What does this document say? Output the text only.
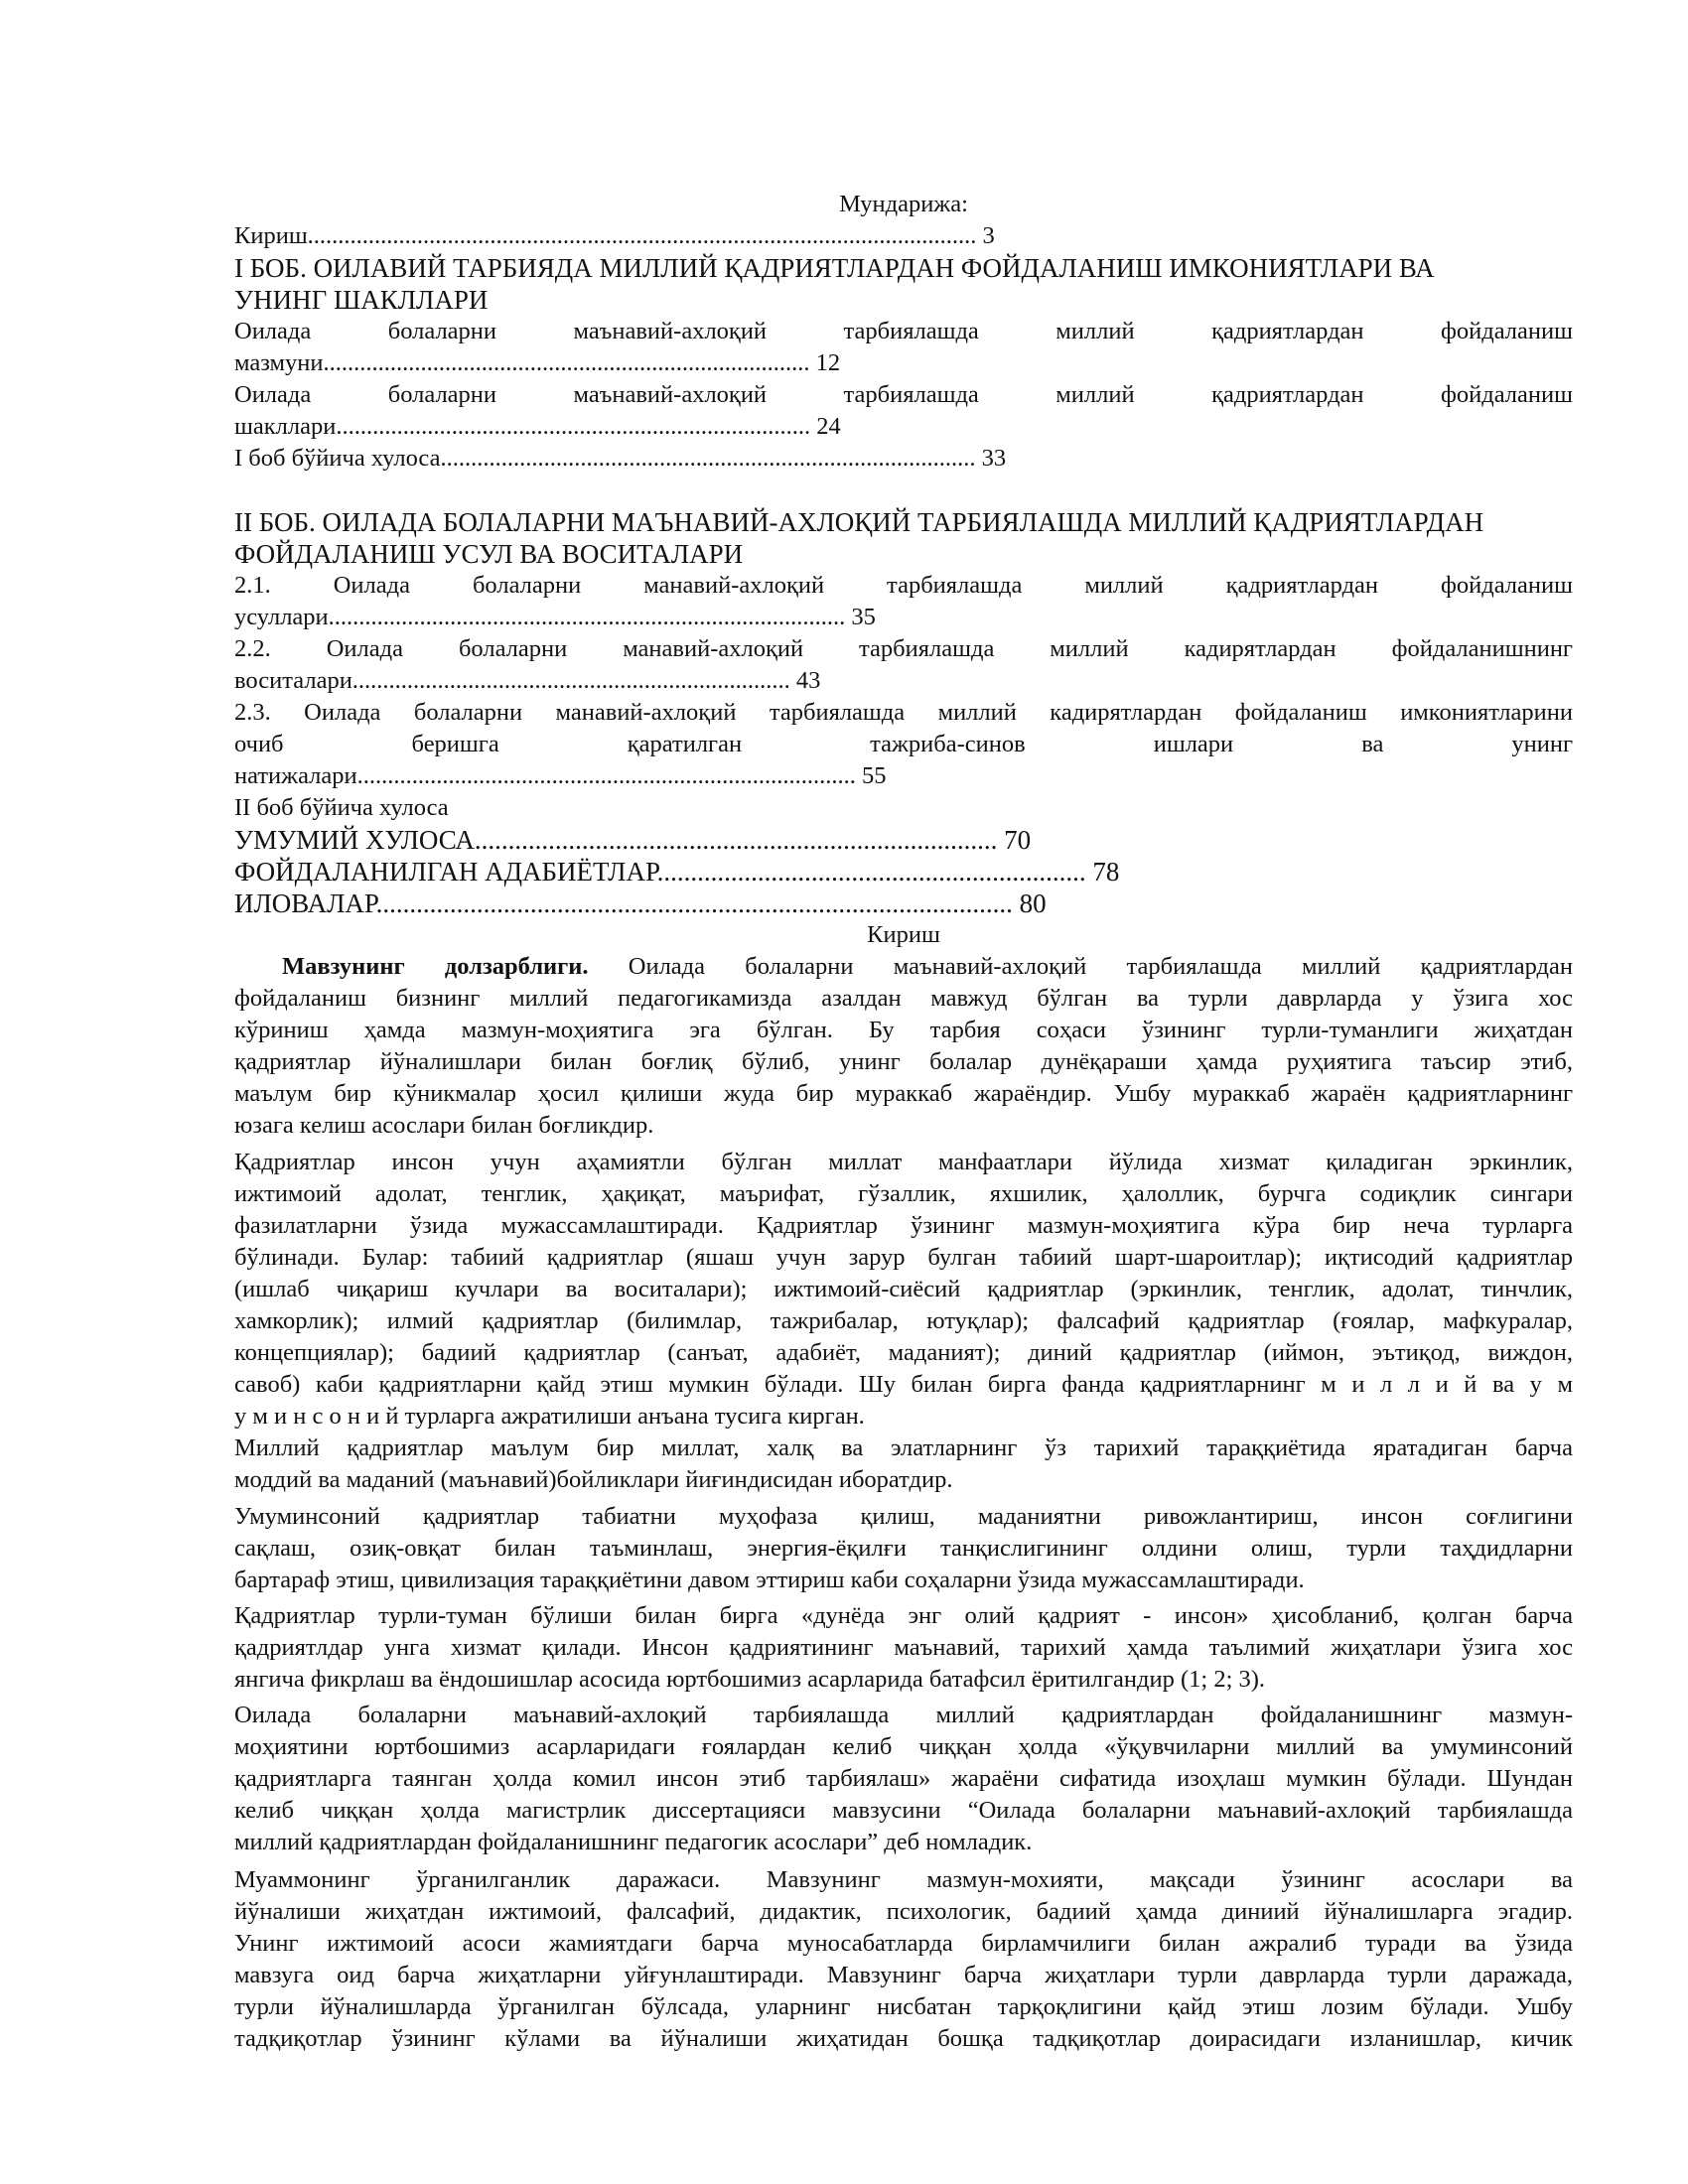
Мундарижа:
Кириш.............................................................................................................. 3
I БОБ. ОИЛАВИЙ ТАРБИЯДА МИЛЛИЙ ҚАДРИЯТЛАРДАН ФОЙДАЛАНИШ ИМКОНИЯТЛАРИ ВА
УНИНГ ШАКЛЛАРИ
Оилада болаларни маънавий-ахлоқий тарбиялашда миллий қадриятлардан фойдаланиш
мазмуни................................................................................ 12
Оилада болаларни маънавий-ахлоқий тарбиялашда миллий қадриятлардан фойдаланиш
шакллари.............................................................................. 24
I боб бўйича хулоса........................................................................................ 33
II БОБ. ОИЛАДА БОЛАЛАРНИ МАЪНАВИЙ-АХЛОҚИЙ ТАРБИЯЛАШДА МИЛЛИЙ ҚАДРИЯТЛАРДАН
ФОЙДАЛАНИШ УСУЛ ВА ВОСИТАЛАРИ
2.1. Оилада болаларни манавий-ахлоқий тарбиялашда миллий қадриятлардан фойдаланиш
усуллари..................................................................................... 35
2.2. Оилада болаларни манавий-ахлоқий тарбиялашда миллий кадирятлардан фойдаланишнинг
воситалари........................................................................ 43
2.3. Оилада болаларни манавий-ахлоқий тарбиялашда миллий кадирятлардан фойдаланиш имкониятларини
очиб беришга қаратилган тажриба-синов ишлари ва унинг
натижалари.................................................................................. 55
II боб бўйича хулоса
УМУМИЙ ХУЛОСА.............................................................................. 70
ФОЙДАЛАНИЛГАН АДАБИЁТЛАР................................................................ 78
ИЛОВАЛАР............................................................................................... 80
Кириш
Мавзунинг долзарблиги. Оилада болаларни маънавий-ахлоқий тарбиялашда миллий қадриятлардан
фойдаланиш бизнинг миллий педагогикамизда азалдан мавжуд бўлган ва турли даврларда у ўзига хос
кўриниш ҳамда мазмун-моҳиятига эга бўлган. Бу тарбия соҳаси ўзининг турли-туманлиги жиҳатдан
қадриятлар йўналишлари билан боғлиқ бўлиб, унинг болалар дунёқараши ҳамда руҳиятига таъсир этиб,
маълум бир кўникмалар ҳосил қилиши жуда бир мураккаб жараёндир. Ушбу мураккаб жараён қадриятларнинг
юзага келиш асослари билан боғликдир.
Қадриятлар инсон учун аҳамиятли бўлган миллат манфаатлари йўлида хизмат қиладиган эркинлик,
ижтимоий адолат, тенглик, ҳақиқат, маърифат, гўзаллик, яхшилик, ҳалоллик, бурчга содиқлик сингари
фазилатларни ўзида мужассамлаштиради. Қадриятлар ўзининг мазмун-моҳиятига кўра бир неча турларга
бўлинади. Булар: табиий қадриятлар (яшаш учун зарур булган табиий шарт-шароитлар); иқтисодий қадриятлар
(ишлаб чиқариш кучлари ва воситалари); ижтимоий-сиёсий қадриятлар (эркинлик, тенглик, адолат, тинчлик,
хамкорлик); илмий қадриятлар (билимлар, тажрибалар, ютуқлар); фалсафий қадриятлар (ғоялар, мафкуралар,
концепциялар); бадиий қадриятлар (санъат, адабиёт, маданият); диний қадриятлар (иймон, эътиқод, виждон,
савоб) каби қадриятларни қайд этиш мумкин бўлади. Шу билан бирга фанда қадриятларнинг м и л л и й ва у м
у м и н с о н и й турларга ажратилиши анъана тусига кирган.
Миллий қадриятлар маълум бир миллат, халқ ва элатларнинг ўз тарихий тараққиётида яратадиган барча
моддий ва маданий (маънавий)бойликлари йиғиндисидан иборатдир.
Умуминсоний қадриятлар табиатни муҳофаза қилиш, маданиятни ривожлантириш, инсон соғлигини
сақлаш, озиқ-овқат билан таъминлаш, энергия-ёқилғи танқислигининг олдини олиш, турли таҳдидларни
бартараф этиш, цивилизация тараққиётини давом эттириш каби соҳаларни ўзида мужассамлаштиради.
Қадриятлар турли-туман бўлиши билан бирга «дунёда энг олий қадрият - инсон» ҳисобланиб, қолган барча
қадриятлдар унга хизмат қилади. Инсон қадриятининг маънавий, тарихий ҳамда таълимий жиҳатлари ўзига хос
янгича фикрлаш ва ёндошишлар асосида юртбошимиз асарларида батафсил ёритилгандир (1; 2; 3).
Оилада болаларни маънавий-ахлоқий тарбиялашда миллий қадриятлардан фойдаланишнинг мазмун-
моҳиятини юртбошимиз асарларидаги ғоялардан келиб чиққан ҳолда «ўқувчиларни миллий ва умуминсоний
қадриятларга таянган ҳолда комил инсон этиб тарбиялаш» жараёни сифатида изоҳлаш мумкин бўлади. Шундан
келиб чиққан ҳолда магистрлик диссертацияси мавзусини “Оилада болаларни маънавий-ахлоқий тарбиялашда
миллий қадриятлардан фойдаланишнинг педагогик асослари” деб номладик.
Муаммонинг ўрганилганлик даражаси. Мавзунинг мазмун-мохияти, мақсади ўзининг асослари ва
йўналиши жиҳатдан ижтимоий, фалсафий, дидактик, психологик, бадиий ҳамда диниий йўналишларга эгадир.
Унинг ижтимоий асоси жамиятдаги барча муносабатларда бирламчилиги билан ажралиб туради ва ўзида
мавзуга оид барча жиҳатларни уйғунлаштиради. Мавзунинг барча жиҳатлари турли даврларда турли даражада,
турли йўналишларда ўрганилган бўлсада, уларнинг нисбатан тарқоқлигини қайд этиш лозим бўлади. Ушбу
тадқиқотлар ўзининг кўлами ва йўналиши жиҳатидан бошқа тадқиқотлар доирасидаги изланишлар, кичик
